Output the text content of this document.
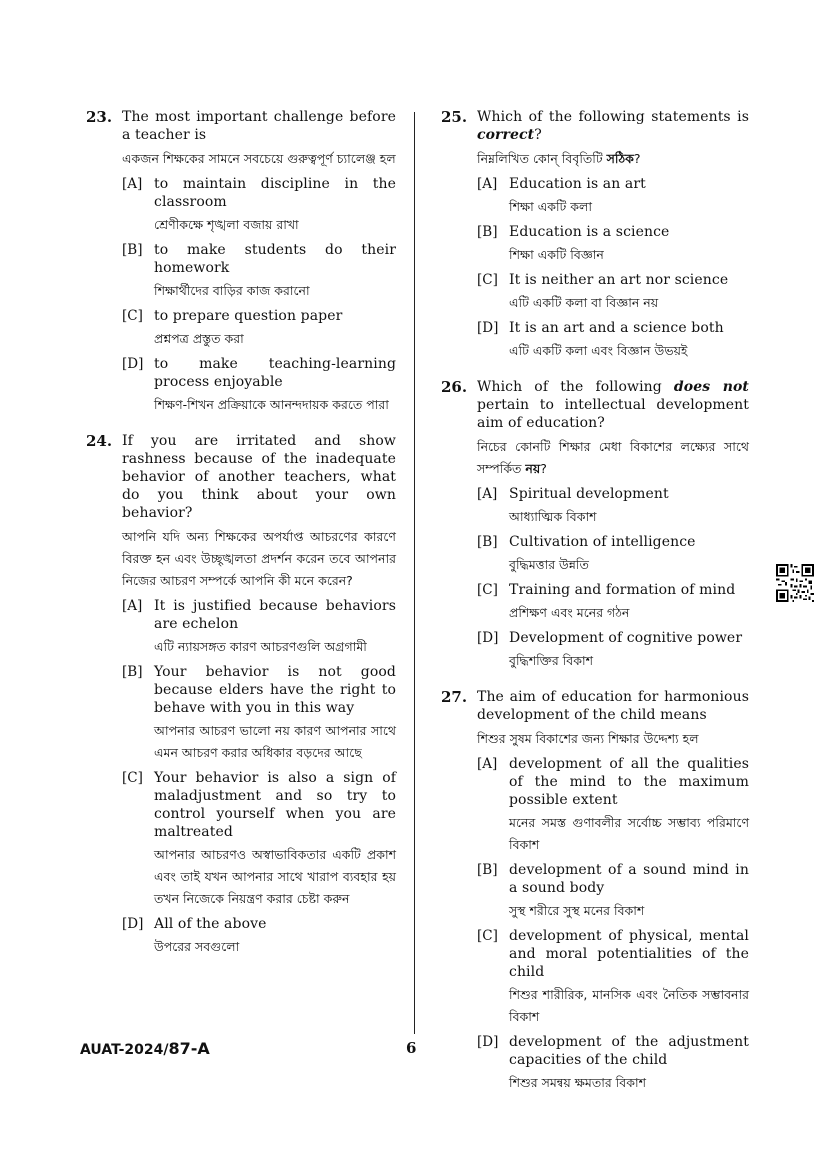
23. The most important challenge before a teacher is
একজন শিক্ষকের সামনে সবচেয়ে গুরুত্বপূর্ণ চ্যালেঞ্জ হল
[A] to maintain discipline in the classroom
শ্রেণীকক্ষে শৃঙ্খলা বজায় রাখা
[B] to make students do their homework
শিক্ষার্থীদের বাড়ির কাজ করানো
[C] to prepare question paper
প্রশ্নপত্র প্রস্তুত করা
[D] to make teaching-learning process enjoyable
শিক্ষণ-শিখন প্রক্রিয়াকে আনন্দদায়ক করতে পারা
24. If you are irritated and show rashness because of the inadequate behavior of another teachers, what do you think about your own behavior?
আপনি যদি অন্য শিক্ষকের অপর্যাপ্ত আচরণের কারণে বিরক্ত হন এবং উচ্ছৃঙ্খলতা প্রদর্শন করেন তবে আপনার নিজের আচরণ সম্পর্কে আপনি কী মনে করেন?
[A] It is justified because behaviors are echelon
এটি ন্যায়সঙ্গত কারণ আচরণগুলি অগ্রগামী
[B] Your behavior is not good because elders have the right to behave with you in this way
আপনার আচরণ ভালো নয় কারণ আপনার সাথে এমন আচরণ করার অধিকার বড়দের আছে
[C] Your behavior is also a sign of maladjustment and so try to control yourself when you are maltreated
আপনার আচরণও অস্বাভাবিকতার একটি প্রকাশ এবং তাই যখন আপনার সাথে খারাপ ব্যবহার হয় তখন নিজেকে নিয়ন্ত্রণ করার চেষ্টা করুন
[D] All of the above
উপরের সবগুলো
25. Which of the following statements is correct?
নিম্নলিখিত কোন্ বিবৃতিটি সঠিক?
[A] Education is an art
শিক্ষা একটি কলা
[B] Education is a science
শিক্ষা একটি বিজ্ঞান
[C] It is neither an art nor science
এটি একটি কলা বা বিজ্ঞান নয়
[D] It is an art and a science both
এটি একটি কলা এবং বিজ্ঞান উভয়ই
26. Which of the following does not pertain to intellectual development aim of education?
নিচের কোনটি শিক্ষার মেধা বিকাশের লক্ষ্যের সাথে সম্পর্কিত নয়?
[A] Spiritual development
আধ্যাত্মিক বিকাশ
[B] Cultivation of intelligence
বুদ্ধিমত্তার উন্নতি
[C] Training and formation of mind
প্রশিক্ষণ এবং মনের গঠন
[D] Development of cognitive power
বুদ্ধিশক্তির বিকাশ
27. The aim of education for harmonious development of the child means
শিশুর সুষম বিকাশের জন্য শিক্ষার উদ্দেশ্য হল
[A] development of all the qualities of the mind to the maximum possible extent
মনের সমস্ত গুণাবলীর সর্বোচ্চ সম্ভাব্য পরিমাণে বিকাশ
[B] development of a sound mind in a sound body
সুস্থ শরীরে সুস্থ মনের বিকাশ
[C] development of physical, mental and moral potentialities of the child
শিশুর শারীরিক, মানসিক এবং নৈতিক সম্ভাবনার বিকাশ
[D] development of the adjustment capacities of the child
শিশুর সমন্বয় ক্ষমতার বিকাশ
AUAT-2024/87-A	6
